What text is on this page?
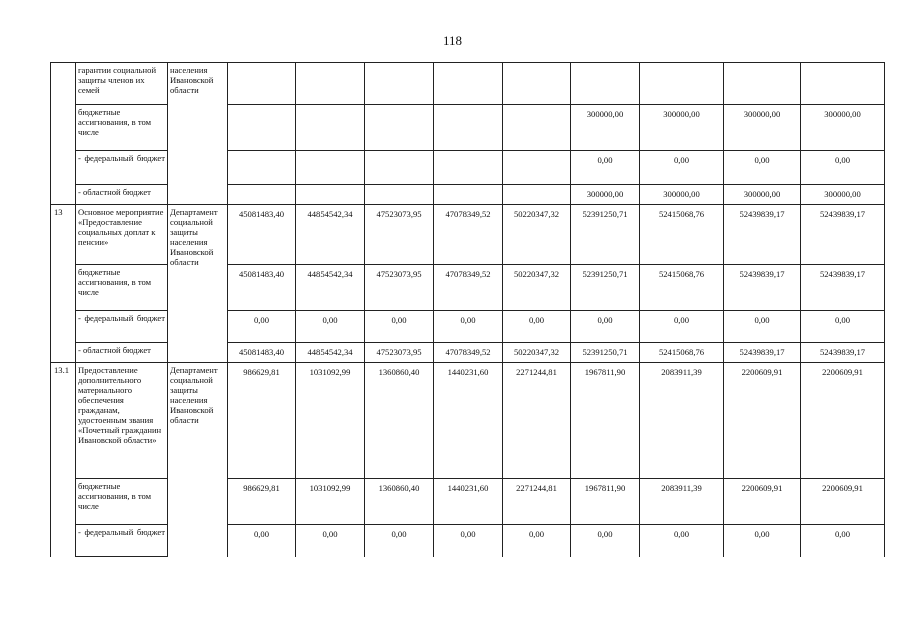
118
	гарантии социальной защиты членов их семей	населения Ивановской области									
	бюджетные ассигнования, в том числе							300000,00	300000,00	300000,00	300000,00

	- федеральный бюджет							0,00	0,00	0,00	0,00
	- областной бюджет							300000,00	300000,00	300000,00	300000,00
13	Основное мероприятие «Предоставление социальных доплат к пенсии»	Департамент социальной защиты населения Ивановской области	45081483,40	44854542,34	47523073,95	47078349,52	50220347,32	52391250,71	52415068,76	52439839,17	52439839,17
	бюджетные ассигнования, в том числе		45081483,40	44854542,34	47523073,95	47078349,52	50220347,32	52391250,71	52415068,76	52439839,17	52439839,17

	- федеральный бюджет		0,00	0,00	0,00	0,00	0,00	0,00	0,00	0,00	0,00
	- областной бюджет		45081483,40	44854542,34	47523073,95	47078349,52	50220347,32	52391250,71	52415068,76	52439839,17	52439839,17
13.1	Предоставление дополнительного материального обеспечения гражданам, удостоенным звания «Почетный гражданин Ивановской области»	Департамент социальной защиты населения Ивановской области	986629,81	1031092,99	1360860,40	1440231,60	2271244,81	1967811,90	2083911,39	2200609,91	2200609,91
	бюджетные ассигнования, в том числе		986629,81	1031092,99	1360860,40	1440231,60	2271244,81	1967811,90	2083911,39	2200609,91	2200609,91

	- федеральный бюджет		0,00	0,00	0,00	0,00	0,00	0,00	0,00	0,00	0,00
